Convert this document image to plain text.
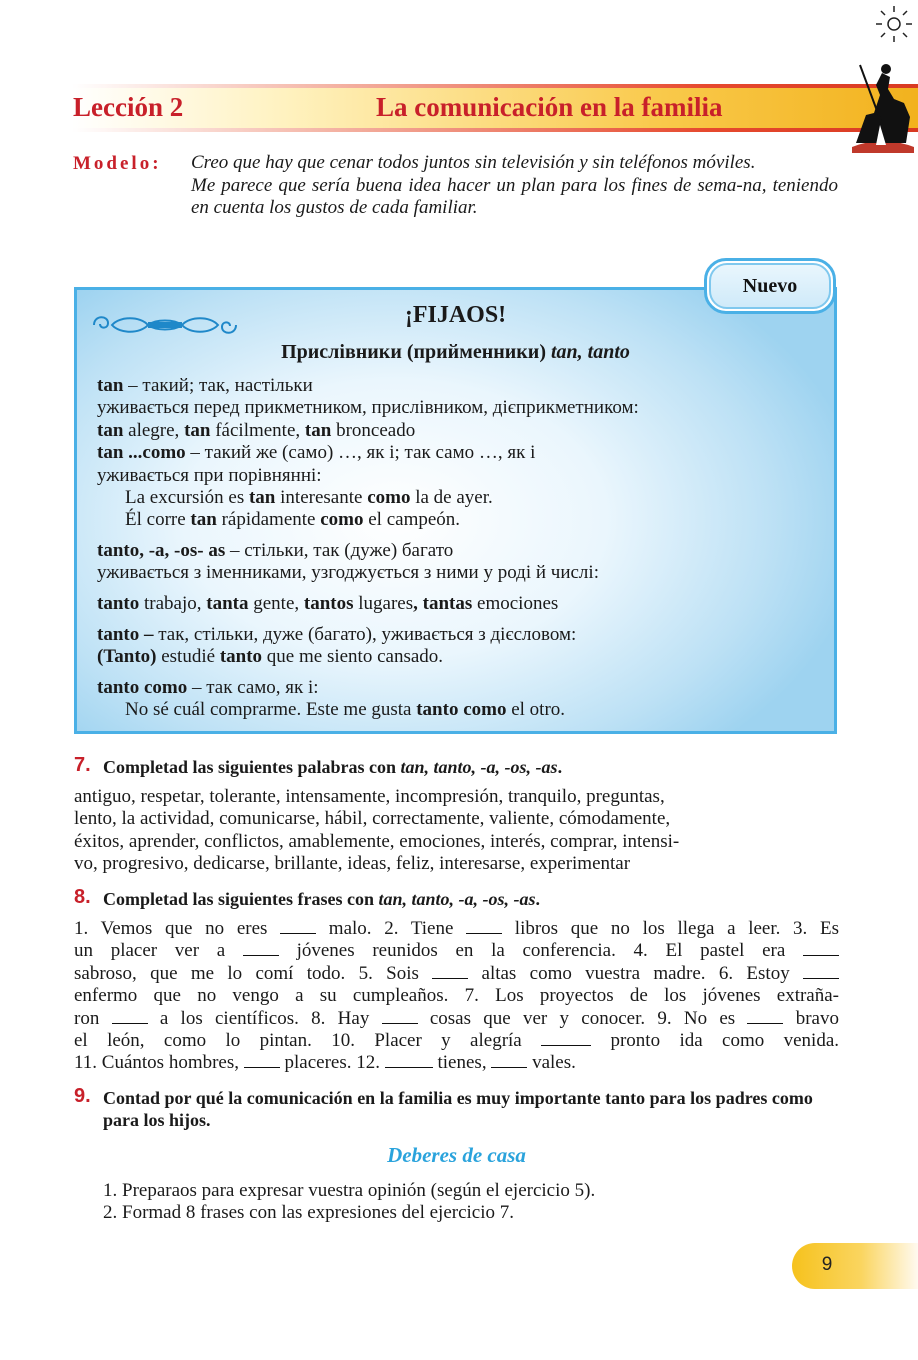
Lección 2	La comunicación en la familia
Modelo: Creo que hay que cenar todos juntos sin televisión y sin teléfonos móviles.

Me parece que sería buena idea hacer un plan para los fines de sema-na, teniendo en cuenta los gustos de cada familiar.

Nuevo
¡FIJAOS!
Прислівники (прийменники) tan, tanto
tan – такий; так, настільки
уживається перед прикметником, прислівником, дієприкметником:
tan alegre, tan fácilmente, tan bronceado
tan ...como – такий же (само) …, як і; так само …, як і
уживається при порівнянні:
La excursión es tan interesante como la de ayer.
Él corre tan rápidamente como el campeón.
tanto, -a, -os- as – стільки, так (дуже) багато
уживається з іменниками, узгоджується з ними у роді й числі:
tanto trabajo, tanta gente, tantos lugares, tantas emociones
tanto – так, стільки, дуже (багато), уживається з дієсловом:
(Tanto) estudié tanto que me siento cansado.
tanto como – так само, як і:
No sé cuál comprarme. Este me gusta tanto como el otro.
7. Completad las siguientes palabras con tan, tanto, -a, -os, -as.
antiguo, respetar, tolerante, intensamente, incompresión, tranquilo, preguntas,
lento, la actividad, comunicarse, hábil, correctamente, valiente, cómodamente,
éxitos, aprender, conflictos, amablemente, emociones, interés, comprar, intensi-
vo, progresivo, dedicarse, brillante, ideas, feliz, interesarse, experimentar
8. Completad las siguientes frases con tan, tanto, -a, -os, -as.
1. Vemos que no eres  malo. 2. Tiene  libros que no los llega a leer. 3. Es
un placer ver a  jóvenes reunidos en la conferencia. 4. El pastel era
sabroso, que me lo comí todo. 5. Sois  altas como vuestra madre. 6. Estoy
enfermo que no vengo a su cumpleaños. 7. Los proyectos de los jóvenes extraña-
ron  a los científicos. 8. Hay  cosas que ver y conocer. 9. No es  bravo
el león, como lo pintan. 10. Placer y alegría	pronto ida como venida.
11. Cuántos hombres,  placeres. 12.	tienes,  vales.
9. Contad por qué la comunicación en la familia es muy importante tanto para los padres como para los hijos.
Deberes de casa
1. Preparaos para expresar vuestra opinión (según el ejercicio 5).
2. Formad 8 frases con las expresiones del ejercicio 7.
9
